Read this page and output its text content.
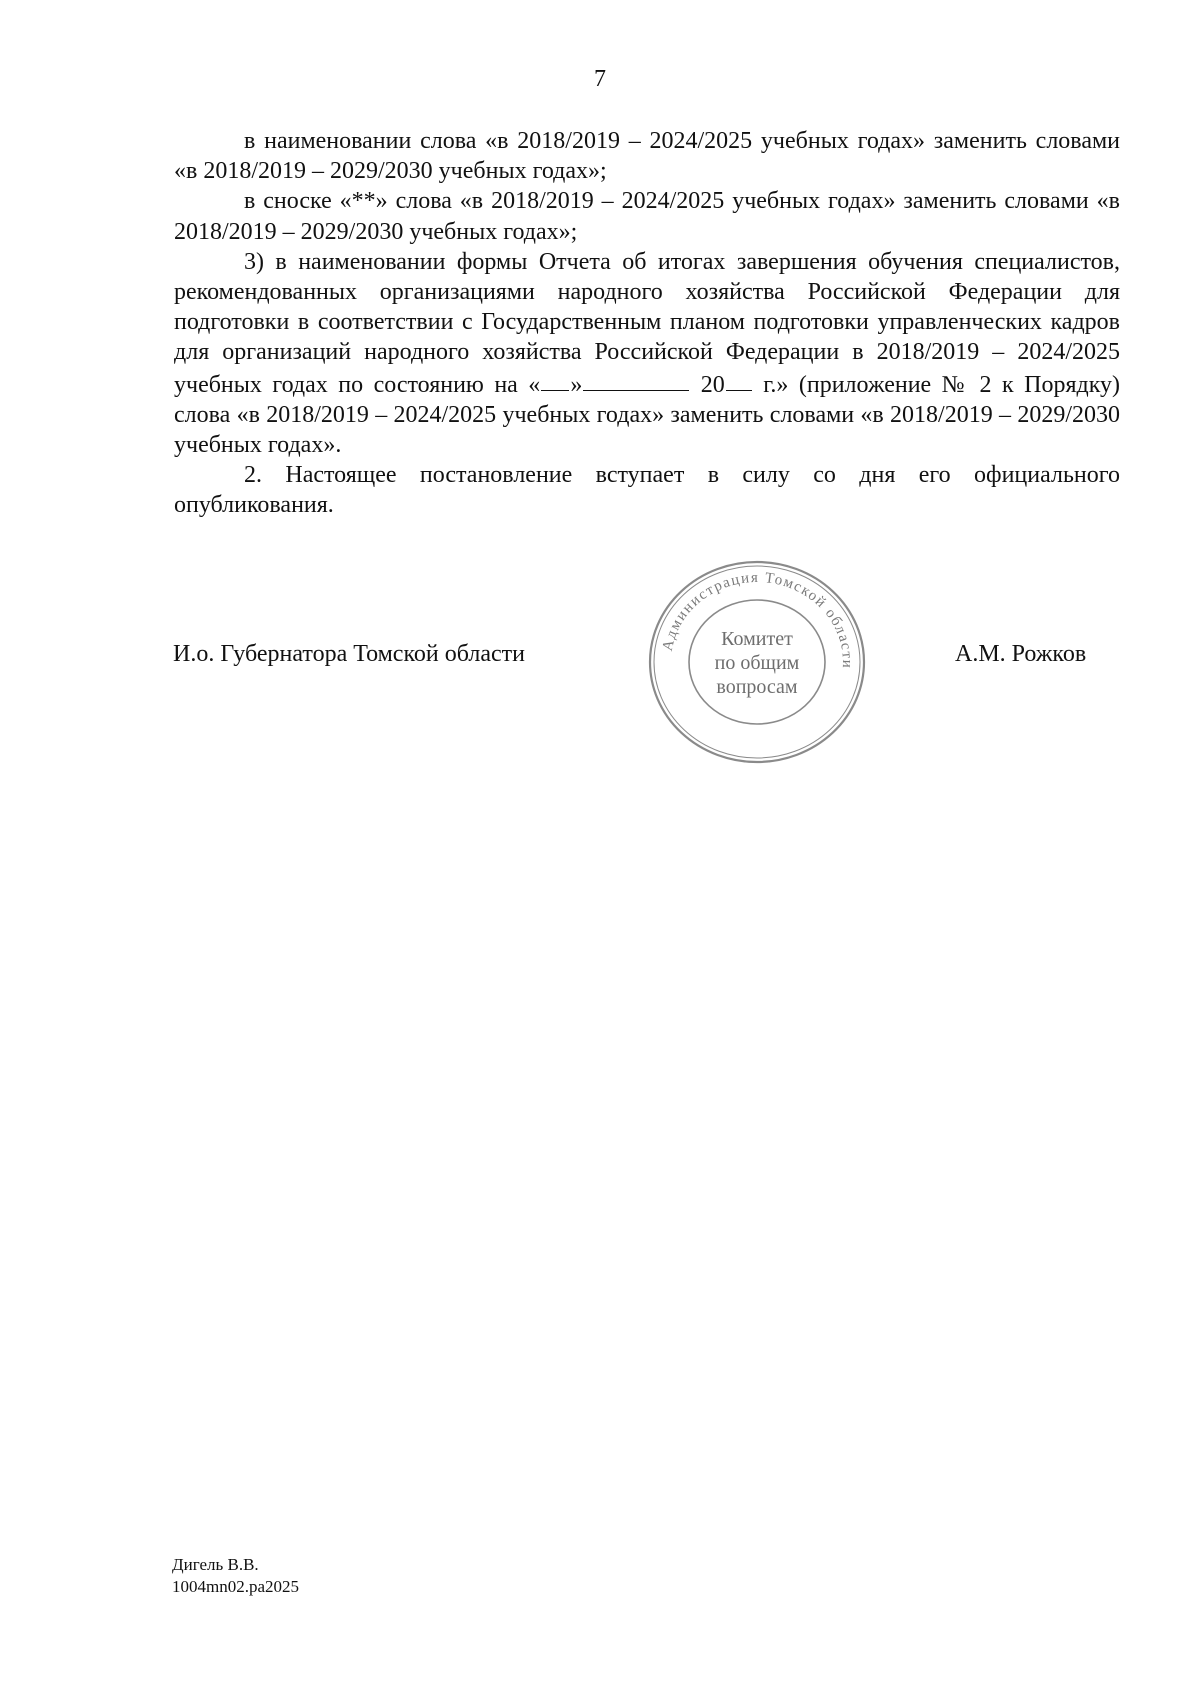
7

в наименовании слова «в 2018/2019 – 2024/2025 учебных годах» заменить словами «в 2018/2019 – 2029/2030 учебных годах»;

в сноске «**» слова «в 2018/2019 – 2024/2025 учебных годах» заменить словами «в 2018/2019 – 2029/2030 учебных годах»;

3) в наименовании формы Отчета об итогах завершения обучения специалистов, рекомендованных организациями народного хозяйства Российской Федерации для подготовки в соответствии с Государственным планом подготовки управленческих кадров для организаций народного хозяйства Российской Федерации в 2018/2019 – 2024/2025 учебных годах по состоянию на « »	20 г.» (приложение № 2 к Порядку) слова «в 2018/2019 – 2024/2025 учебных годах» заменить словами «в 2018/2019 – 2029/2030 учебных годах».

2. Настоящее постановление вступает в силу со дня его официального опубликования.

И.о. Губернатора Томской области	А.М. Рожков
Администрация Томской области
Комитет
по общим
вопросам
Дигель В.В.
1004mn02.pa2025
